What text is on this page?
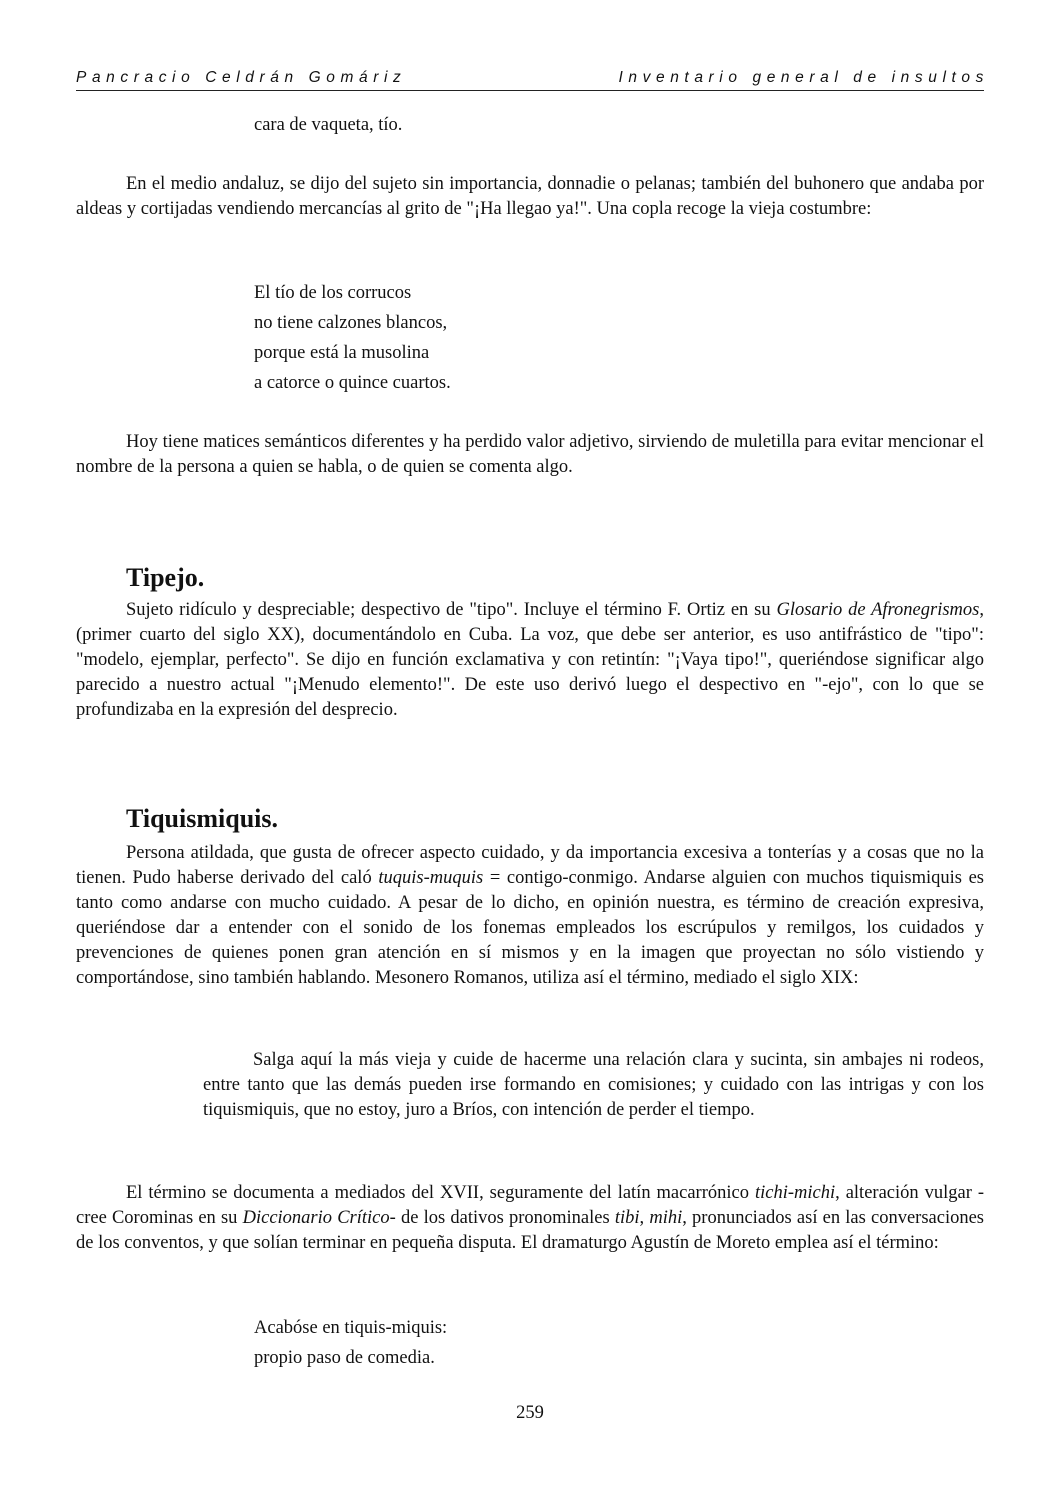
Pancracio Celdrán Gomáriz	Inventario general de insultos
cara de vaqueta, tío.

En el medio andaluz, se dijo del sujeto sin importancia, donnadie o pelanas; también del buhonero que andaba por aldeas y cortijadas vendiendo mercancías al grito de "¡Ha llegao ya!". Una copla recoge la vieja costumbre:

El tío de los corrucos
no tiene calzones blancos,
porque está la musolina
a catorce o quince cuartos.

Hoy tiene matices semánticos diferentes y ha perdido valor adjetivo, sirviendo de muletilla para evitar mencionar el nombre de la persona a quien se habla, o de quien se comenta algo.

Tipejo.

Sujeto ridículo y despreciable; despectivo de "tipo". Incluye el término F. Ortiz en su Glosario de Afronegrismos, (primer cuarto del siglo XX), documentándolo en Cuba. La voz, que debe ser anterior, es uso antifrástico de "tipo": "modelo, ejemplar, perfecto". Se dijo en función exclamativa y con retintín: "¡Vaya tipo!", queriéndose significar algo parecido a nuestro actual "¡Menudo elemento!". De este uso derivó luego el despectivo en "-ejo", con lo que se profundizaba en la expresión del desprecio.

Tiquismiquis.

Persona atildada, que gusta de ofrecer aspecto cuidado, y da importancia excesiva a tonterías y a cosas que no la tienen. Pudo haberse derivado del caló tuquis-muquis = contigo-conmigo. Andarse alguien con muchos tiquismiquis es tanto como andarse con mucho cuidado. A pesar de lo dicho, en opinión nuestra, es término de creación expresiva, queriéndose dar a entender con el sonido de los fonemas empleados los escrúpulos y remilgos, los cuidados y prevenciones de quienes ponen gran atención en sí mismos y en la imagen que proyectan no sólo vistiendo y comportándose, sino también hablando. Mesonero Romanos, utiliza así el término, mediado el siglo XIX:

Salga aquí la más vieja y cuide de hacerme una relación clara y sucinta, sin ambajes ni rodeos, entre tanto que las demás pueden irse formando en comisiones; y cuidado con las intrigas y con los tiquismiquis, que no estoy, juro a Bríos, con intención de perder el tiempo.

El término se documenta a mediados del XVII, seguramente del latín macarrónico tichi-michi, alteración vulgar -cree Corominas en su Diccionario Crítico- de los dativos pronominales tibi, mihi, pronunciados así en las conversaciones de los conventos, y que solían terminar en pequeña disputa. El dramaturgo Agustín de Moreto emplea así el término:

Acabóse en tiquis-miquis:
propio paso de comedia.
259
